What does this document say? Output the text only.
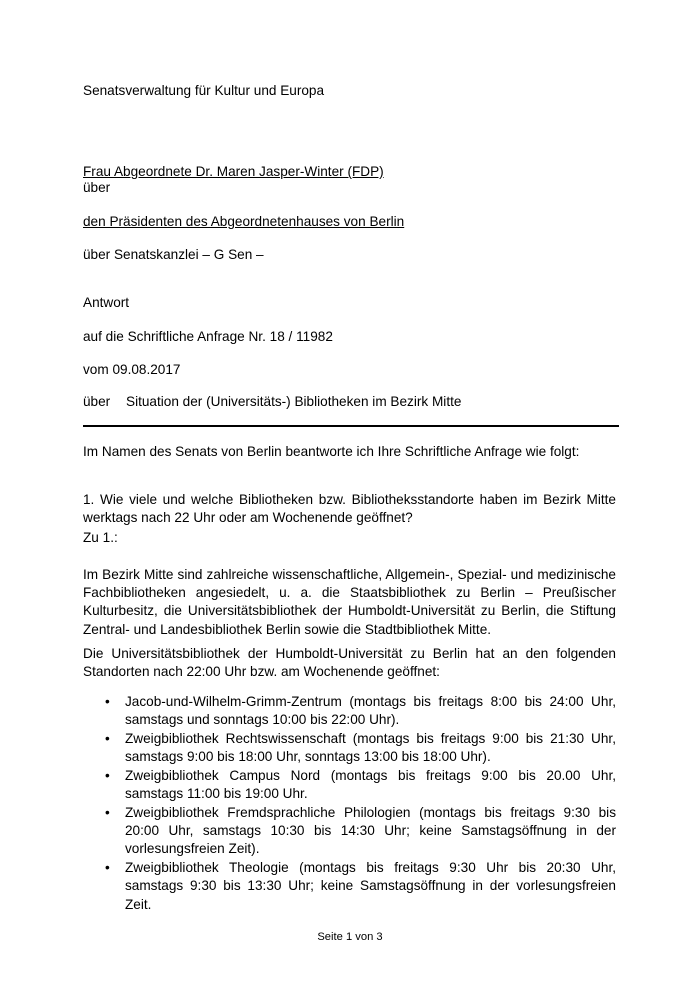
Senatsverwaltung für Kultur und Europa
Frau Abgeordnete Dr. Maren Jasper-Winter (FDP)
über
den Präsidenten des Abgeordnetenhauses von Berlin
über Senatskanzlei – G Sen –
Antwort
auf die Schriftliche Anfrage Nr. 18 / 11982
vom 09.08.2017
über Situation der (Universitäts-) Bibliotheken im Bezirk Mitte
Im Namen des Senats von Berlin beantworte ich Ihre Schriftliche Anfrage wie folgt:
1. Wie viele und welche Bibliotheken bzw. Bibliotheksstandorte haben im Bezirk Mitte werktags nach 22 Uhr oder am Wochenende geöffnet?
Zu 1.:
Im Bezirk Mitte sind zahlreiche wissenschaftliche, Allgemein-, Spezial- und medizinische Fachbibliotheken angesiedelt, u. a. die Staatsbibliothek zu Berlin – Preußischer Kulturbesitz, die Universitätsbibliothek der Humboldt-Universität zu Berlin, die Stiftung Zentral- und Landesbibliothek Berlin sowie die Stadtbibliothek Mitte.
Die Universitätsbibliothek der Humboldt-Universität zu Berlin hat an den folgenden Standorten nach 22:00 Uhr bzw. am Wochenende geöffnet:
• Jacob-und-Wilhelm-Grimm-Zentrum (montags bis freitags 8:00 bis 24:00 Uhr, samstags und sonntags 10:00 bis 22:00 Uhr).
• Zweigbibliothek Rechtswissenschaft (montags bis freitags 9:00 bis 21:30 Uhr, samstags 9:00 bis 18:00 Uhr, sonntags 13:00 bis 18:00 Uhr).
• Zweigbibliothek Campus Nord (montags bis freitags 9:00 bis 20.00 Uhr, samstags 11:00 bis 19:00 Uhr.
• Zweigbibliothek Fremdsprachliche Philologien (montags bis freitags 9:30 bis 20:00 Uhr, samstags 10:30 bis 14:30 Uhr; keine Samstagsöffnung in der vorlesungsfreien Zeit).
• Zweigbibliothek Theologie (montags bis freitags 9:30 Uhr bis 20:30 Uhr, samstags 9:30 bis 13:30 Uhr; keine Samstagsöffnung in der vorlesungsfreien Zeit.
Seite 1 von 3
